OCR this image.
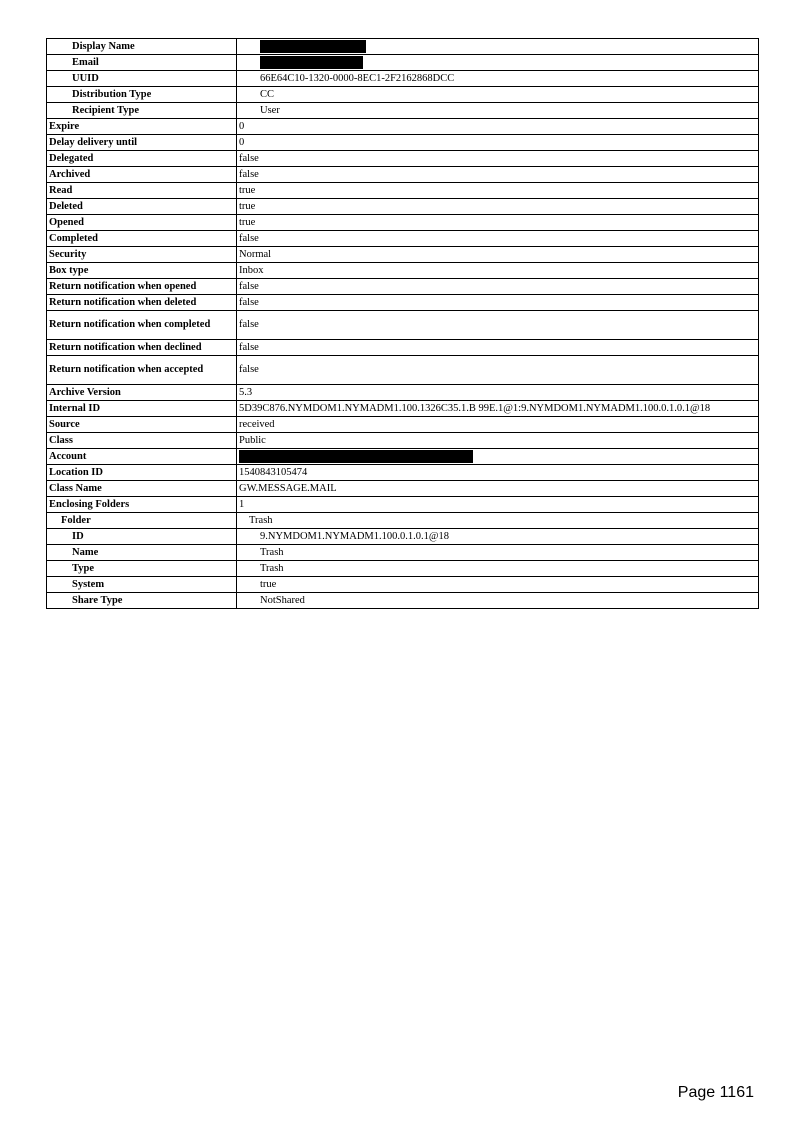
Display Name	
Email	
UUID	66E64C10-1320-0000-8EC1-2F2162868DCC
Distribution Type	CC
Recipient Type	User
Expire	0
Delay delivery until	0
Delegated	false
Archived	false
Read	true
Deleted	true
Opened	true
Completed	false
Security	Normal
Box type	Inbox
Return notification when opened	false
Return notification when deleted	false
Return notification when completed	false
Return notification when declined	false
Return notification when accepted	false
Archive Version	5.3
Internal ID	5D39C876.NYMDOM1.NYMADM1.100.1326C35.1.B 99E.1@1:9.NYMDOM1.NYMADM1.100.0.1.0.1@18
Source	received
Class	Public
Account	
Location ID	1540843105474
Class Name	GW.MESSAGE.MAIL
Enclosing Folders	1
Folder	Trash
ID	9.NYMDOM1.NYMADM1.100.0.1.0.1@18
Name	Trash
Type	Trash
System	true
Share Type	NotShared
Page 1161
